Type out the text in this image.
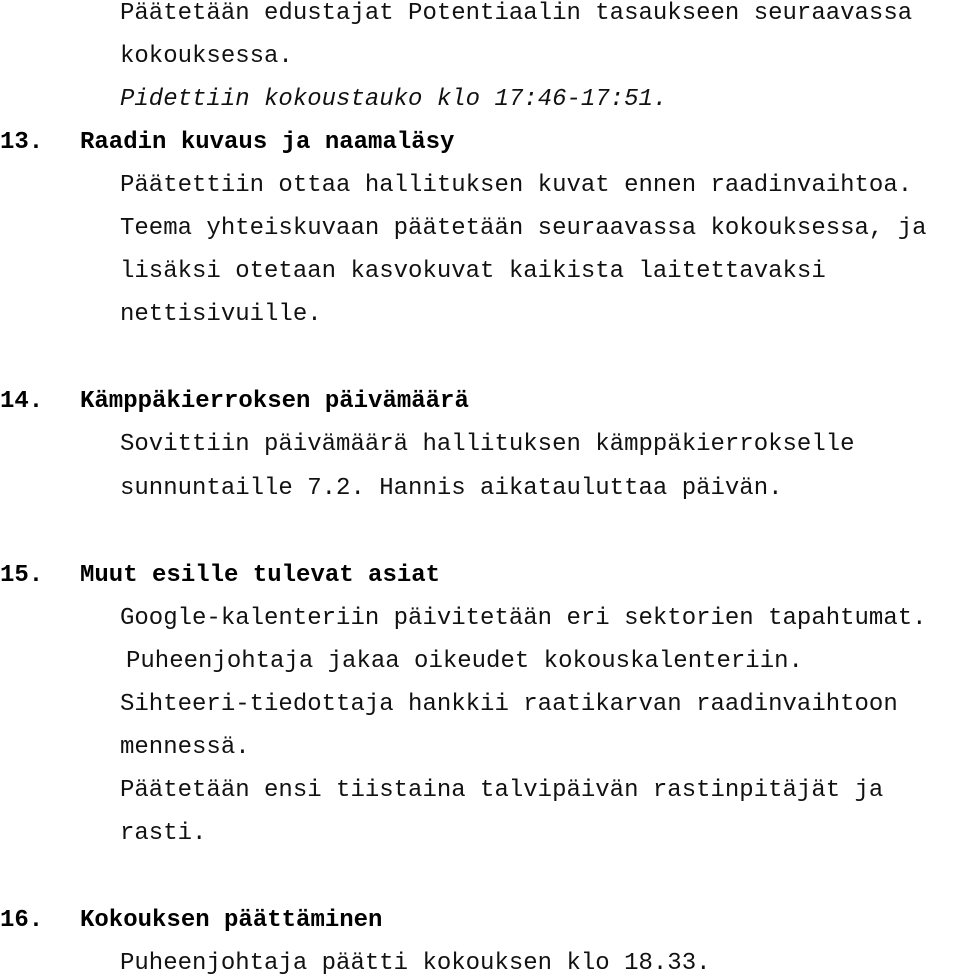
Päätetään edustajat Potentiaalin tasaukseen seuraavassa
kokouksessa.
Pidettiin kokoustauko klo 17:46-17:51.
13. Raadin kuvaus ja naamaläsy
Päätettiin ottaa hallituksen kuvat ennen raadinvaihtoa.
Teema yhteiskuvaan päätetään seuraavassa kokouksessa, ja
lisäksi otetaan kasvokuvat kaikista laitettavaksi
nettisivuille.
14. Kämppäkierroksen päivämäärä
Sovittiin päivämäärä hallituksen kämppäkierrokselle
sunnuntaille 7.2. Hannis aikatauluttaa päivän.
15. Muut esille tulevat asiat
Google-kalenteriin päivitetään eri sektorien tapahtumat.
Puheenjohtaja jakaa oikeudet kokouskalenteriin.
Sihteeri-tiedottaja hankkii raatikarvan raadinvaihtoon
mennessä.
Päätetään ensi tiistaina talvipäivän rastinpitäjät ja
rasti.
16. Kokouksen päättäminen
Puheenjohtaja päätti kokouksen klo 18.33.
